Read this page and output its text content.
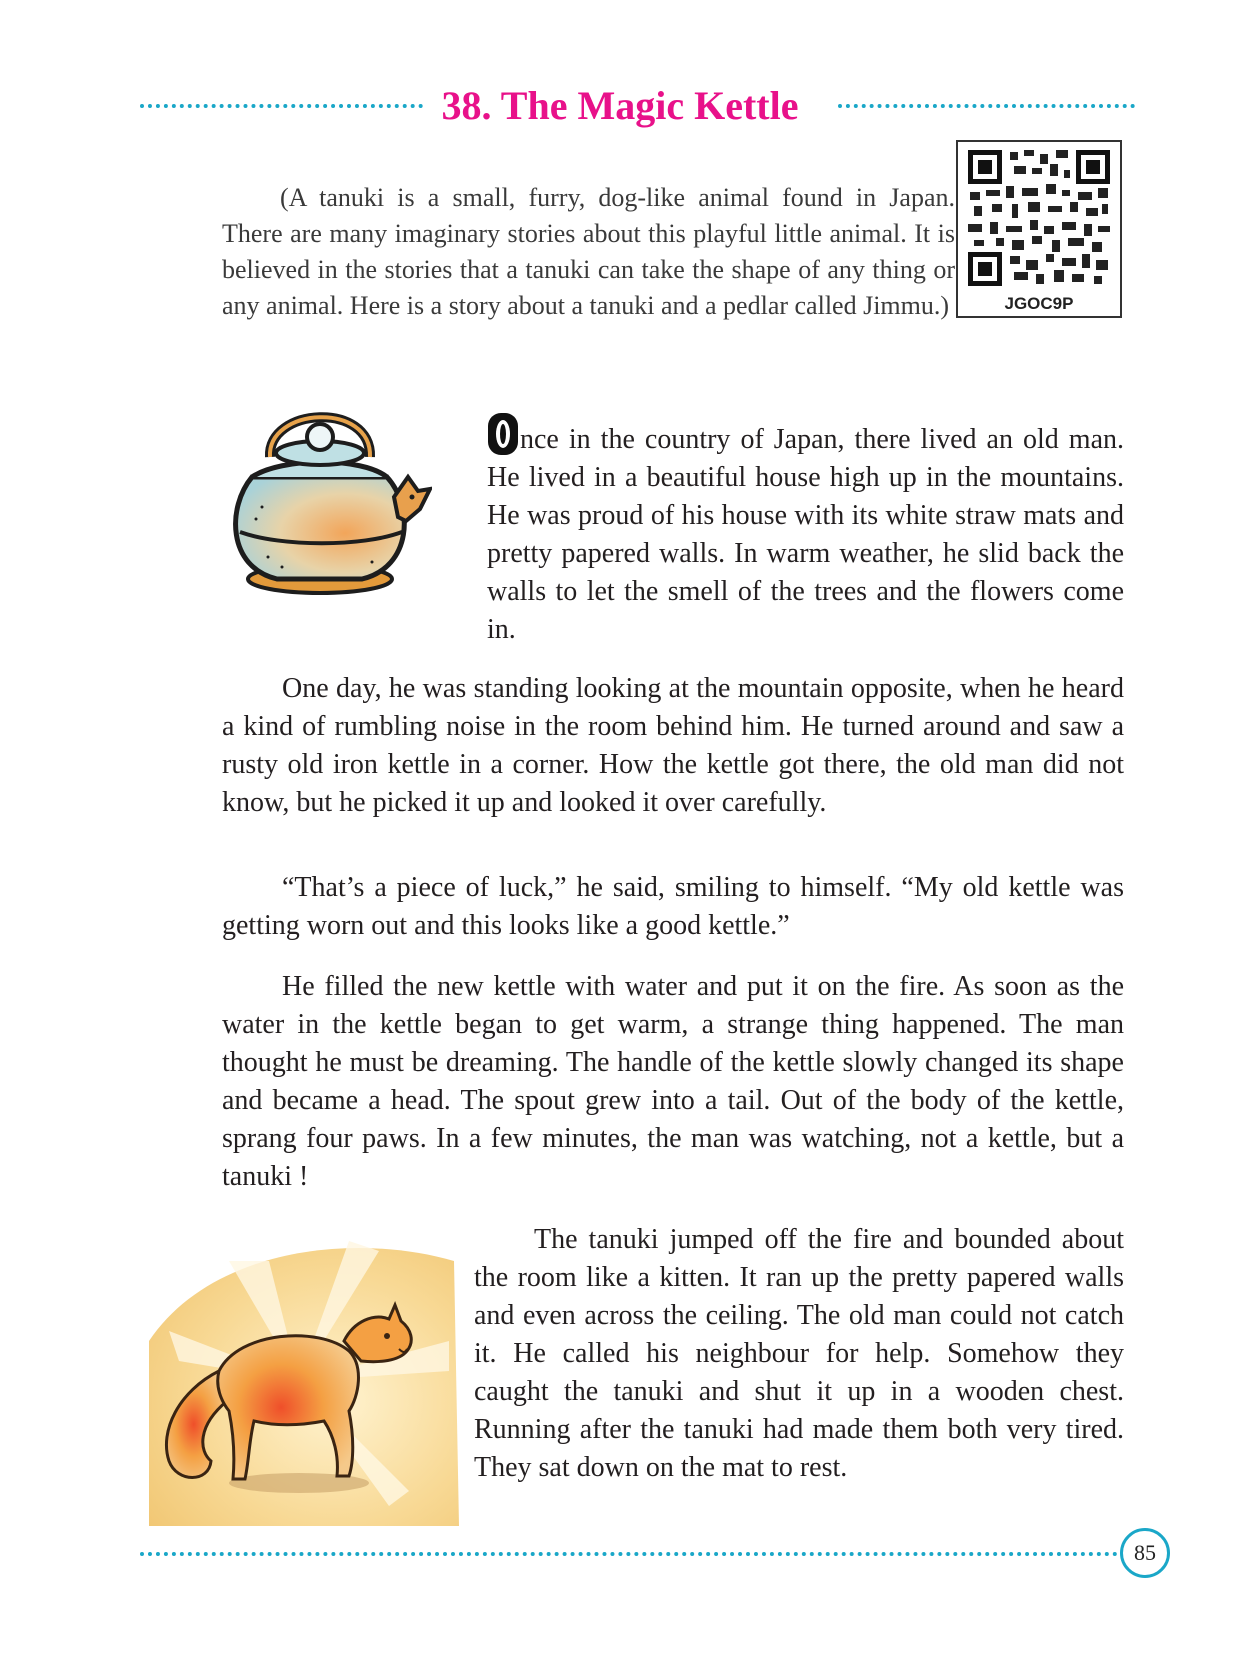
38. The Magic Kettle

(A tanuki is a small, furry, dog-like animal found in Japan. There are many imaginary stories about this playful little animal. It is believed in the stories that a tanuki can take the shape of any thing or any animal. Here is a story about a tanuki and a pedlar called Jimmu.)	JGOC9P

O nce in the country of Japan, there lived an old man. He lived in a beautiful house high up in the mountains. He was proud of his house with its white straw mats and pretty papered walls. In warm weather, he slid back the walls to let the smell of the trees and the flowers come in.

One day, he was standing looking at the mountain opposite, when he heard a kind of rumbling noise in the room behind him. He turned around and saw a rusty old iron kettle in a corner. How the kettle got there, the old man did not know, but he picked it up and looked it over carefully.

“That’s a piece of luck,” he said, smiling to himself. “My old kettle was getting worn out and this looks like a good kettle.”

He filled the new kettle with water and put it on the fire. As soon as the water in the kettle began to get warm, a strange thing happened. The man thought he must be dreaming. The handle of the kettle slowly changed its shape and became a head. The spout grew into a tail. Out of the body of the kettle, sprang four paws. In a few minutes, the man was watching, not a kettle, but a tanuki !

The tanuki jumped off the fire and bounded about the room like a kitten. It ran up the pretty papered walls and even across the ceiling. The old man could not catch it. He called his neighbour for help. Somehow they caught the tanuki and shut it up in a wooden chest. Running after the tanuki had made them both very tired. They sat down on the mat to rest.

85
